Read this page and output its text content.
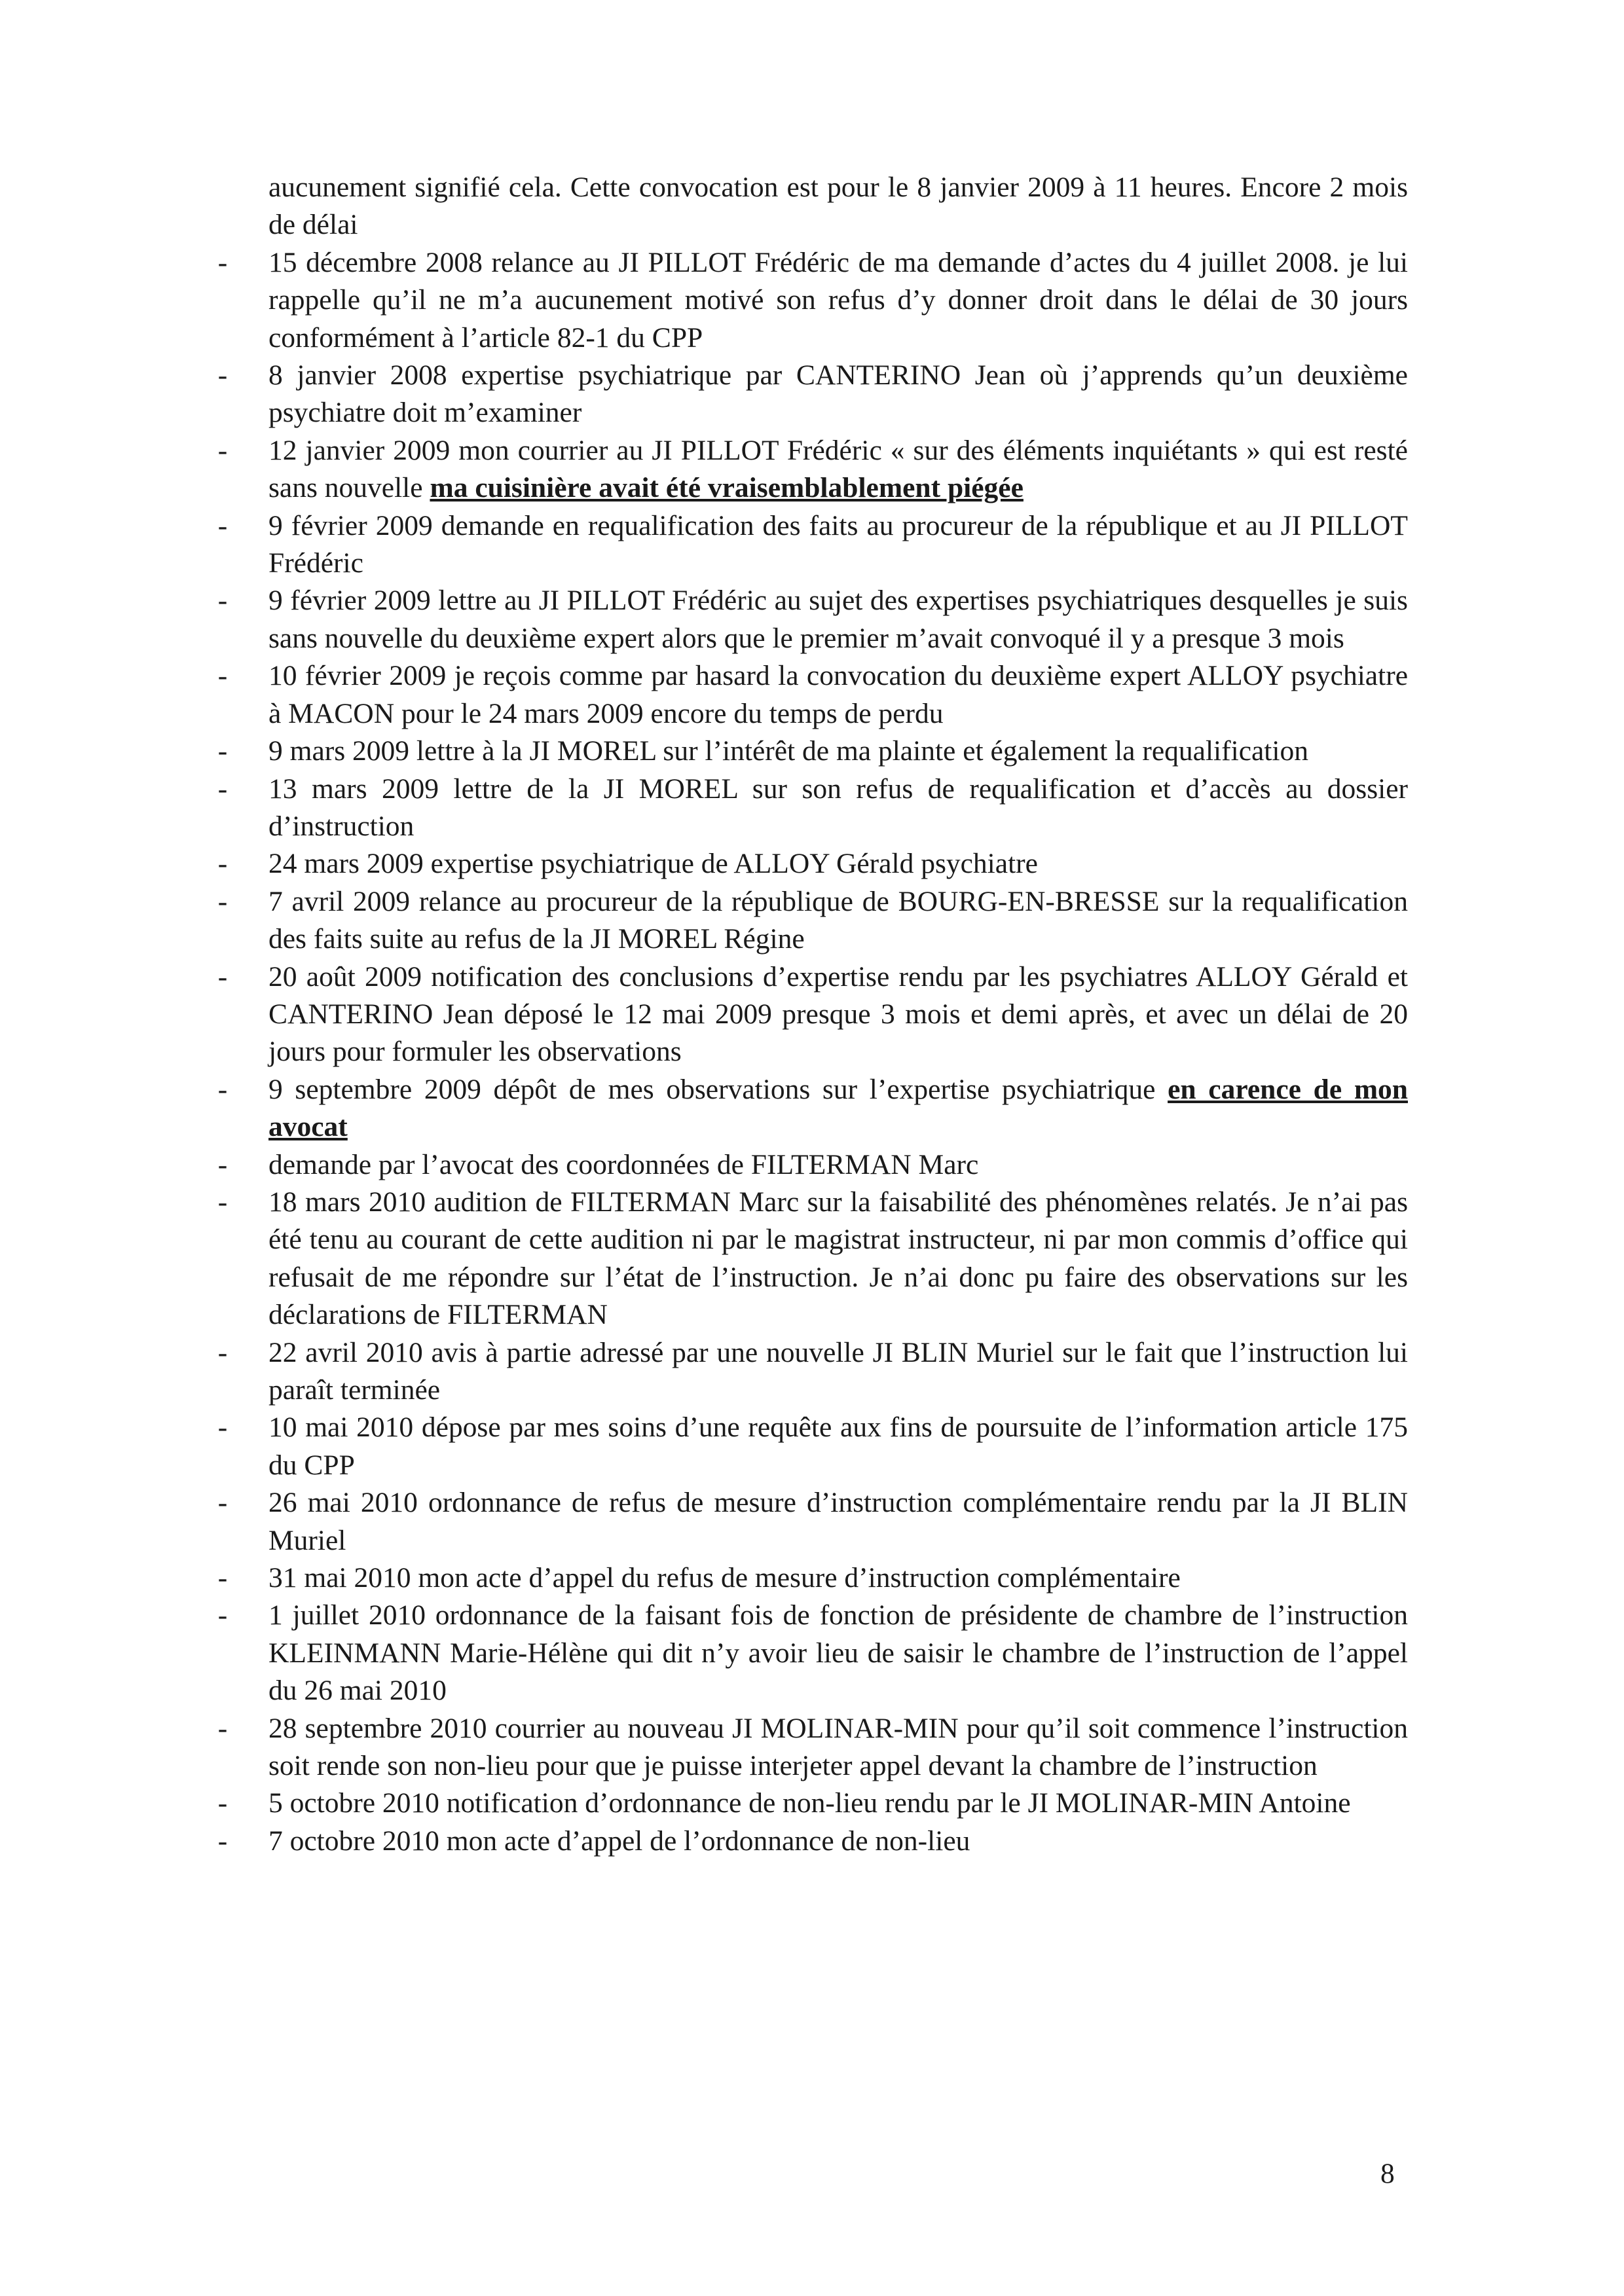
aucunement signifié cela. Cette convocation est pour le 8 janvier 2009 à 11 heures. Encore 2 mois de délai

- 15 décembre 2008 relance au JI PILLOT Frédéric de ma demande d’actes du 4 juillet 2008. je lui rappelle qu’il ne m’a aucunement motivé son refus d’y donner droit dans le délai de 30 jours conformément à l’article 82-1 du CPP
- 8 janvier 2008 expertise psychiatrique par CANTERINO Jean où j’apprends qu’un deuxième psychiatre doit m’examiner
- 12 janvier 2009 mon courrier au JI PILLOT Frédéric « sur des éléments inquiétants » qui est resté sans nouvelle ma cuisinière avait été vraisemblablement piégée
- 9 février 2009 demande en requalification des faits au procureur de la république et au JI PILLOT Frédéric
- 9 février 2009 lettre au JI PILLOT Frédéric au sujet des expertises psychiatriques desquelles je suis sans nouvelle du deuxième expert alors que le premier m’avait convoqué il y a presque 3 mois
- 10 février 2009 je reçois comme par hasard la convocation du deuxième expert ALLOY psychiatre à MACON pour le 24 mars 2009 encore du temps de perdu
- 9 mars 2009 lettre à la JI MOREL sur l’intérêt de ma plainte et également la requalification
- 13 mars 2009 lettre de la JI MOREL sur son refus de requalification et d’accès au dossier d’instruction
- 24 mars 2009 expertise psychiatrique de ALLOY Gérald psychiatre
- 7 avril 2009 relance au procureur de la république de BOURG-EN-BRESSE sur la requalification des faits suite au refus de la JI MOREL Régine
- 20 août 2009 notification des conclusions d’expertise rendu par les psychiatres ALLOY Gérald et CANTERINO Jean déposé le 12 mai 2009 presque 3 mois et demi après, et avec un délai de 20 jours pour formuler les observations
- 9 septembre 2009 dépôt de mes observations sur l’expertise psychiatrique en carence de mon avocat
- demande par l’avocat des coordonnées de FILTERMAN Marc
- 18 mars 2010 audition de FILTERMAN Marc sur la faisabilité des phénomènes relatés. Je n’ai pas été tenu au courant de cette audition ni par le magistrat instructeur, ni par mon commis d’office qui refusait de me répondre sur l’état de l’instruction. Je n’ai donc pu faire des observations sur les déclarations de FILTERMAN
- 22 avril 2010 avis à partie adressé par une nouvelle JI BLIN Muriel sur le fait que l’instruction lui paraît terminée
- 10 mai 2010 dépose par mes soins d’une requête aux fins de poursuite de l’information article 175 du CPP
- 26 mai 2010 ordonnance de refus de mesure d’instruction complémentaire rendu par la JI BLIN Muriel
- 31 mai 2010 mon acte d’appel du refus de mesure d’instruction complémentaire
- 1 juillet 2010 ordonnance de la faisant fois de fonction de présidente de chambre de l’instruction KLEINMANN Marie-Hélène qui dit n’y avoir lieu de saisir le chambre de l’instruction de l’appel du 26 mai 2010
- 28 septembre 2010 courrier au nouveau JI MOLINAR-MIN pour qu’il soit commence l’instruction soit rende son non-lieu pour que je puisse interjeter appel devant la chambre de l’instruction
- 5 octobre 2010 notification d’ordonnance de non-lieu rendu par le JI MOLINAR-MIN Antoine
- 7 octobre 2010 mon acte d’appel de l’ordonnance de non-lieu
8
